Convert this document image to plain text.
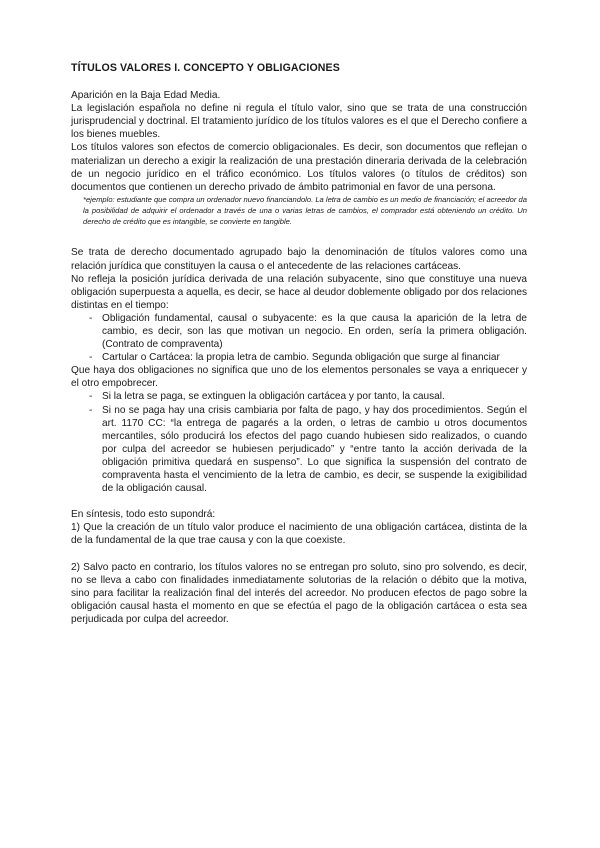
TÍTULOS VALORES I. CONCEPTO Y OBLIGACIONES

Aparición en la Baja Edad Media.

La legislación española no define ni regula el título valor, sino que se trata de una construcción jurisprudencial y doctrinal. El tratamiento jurídico de los títulos valores es el que el Derecho confiere a los bienes muebles.

Los títulos valores son efectos de comercio obligacionales. Es decir, son documentos que reflejan o materializan un derecho a exigir la realización de una prestación dineraria derivada de la celebración de un negocio jurídico en el tráfico económico. Los títulos valores (o títulos de créditos) son documentos que contienen un derecho privado de ámbito patrimonial en favor de una persona.

*ejemplo: estudiante que compra un ordenador nuevo financiandolo. La letra de cambio es un medio de financiación; el acreedor da la posibilidad de adquirir el ordenador a través de una o varias letras de cambios, el comprador está obteniendo un crédito. Un derecho de crédito que es intangible, se convierte en tangible.

Se trata de derecho documentado agrupado bajo la denominación de títulos valores como una relación jurídica que constituyen la causa o el antecedente de las relaciones cartáceas.

No refleja la posición jurídica derivada de una relación subyacente, sino que constituye una nueva obligación superpuesta a aquella, es decir, se hace al deudor doblemente obligado por dos relaciones distintas en el tiempo:

- Obligación fundamental, causal o subyacente: es la que causa la aparición de la letra de cambio, es decir, son las que motivan un negocio. En orden, sería la primera obligación. (Contrato de compraventa)
- Cartular o Cartácea: la propia letra de cambio. Segunda obligación que surge al financiar

Que haya dos obligaciones no significa que uno de los elementos personales se vaya a enriquecer y el otro empobrecer.

- Si la letra se paga, se extinguen la obligación cartácea y por tanto, la causal.
- Si no se paga hay una crisis cambiaria por falta de pago, y hay dos procedimientos. Según el art. 1170 CC: “la entrega de pagarés a la orden, o letras de cambio u otros documentos mercantiles, sólo producirá los efectos del pago cuando hubiesen sido realizados, o cuando por culpa del acreedor se hubiesen perjudicado” y “entre tanto la acción derivada de la obligación primitiva quedará en suspenso”. Lo que significa la suspensión del contrato de compraventa hasta el vencimiento de la letra de cambio, es decir, se suspende la exigibilidad de la obligación causal.

En síntesis, todo esto supondrá:

1) Que la creación de un título valor produce el nacimiento de una obligación cartácea, distinta de la de la fundamental de la que trae causa y con la que coexiste.

2) Salvo pacto en contrario, los títulos valores no se entregan pro soluto, sino pro solvendo, es decir, no se lleva a cabo con finalidades inmediatamente solutorias de la relación o débito que la motiva, sino para facilitar la realización final del interés del acreedor. No producen efectos de pago sobre la obligación causal hasta el momento en que se efectúa el pago de la obligación cartácea o esta sea perjudicada por culpa del acreedor.
